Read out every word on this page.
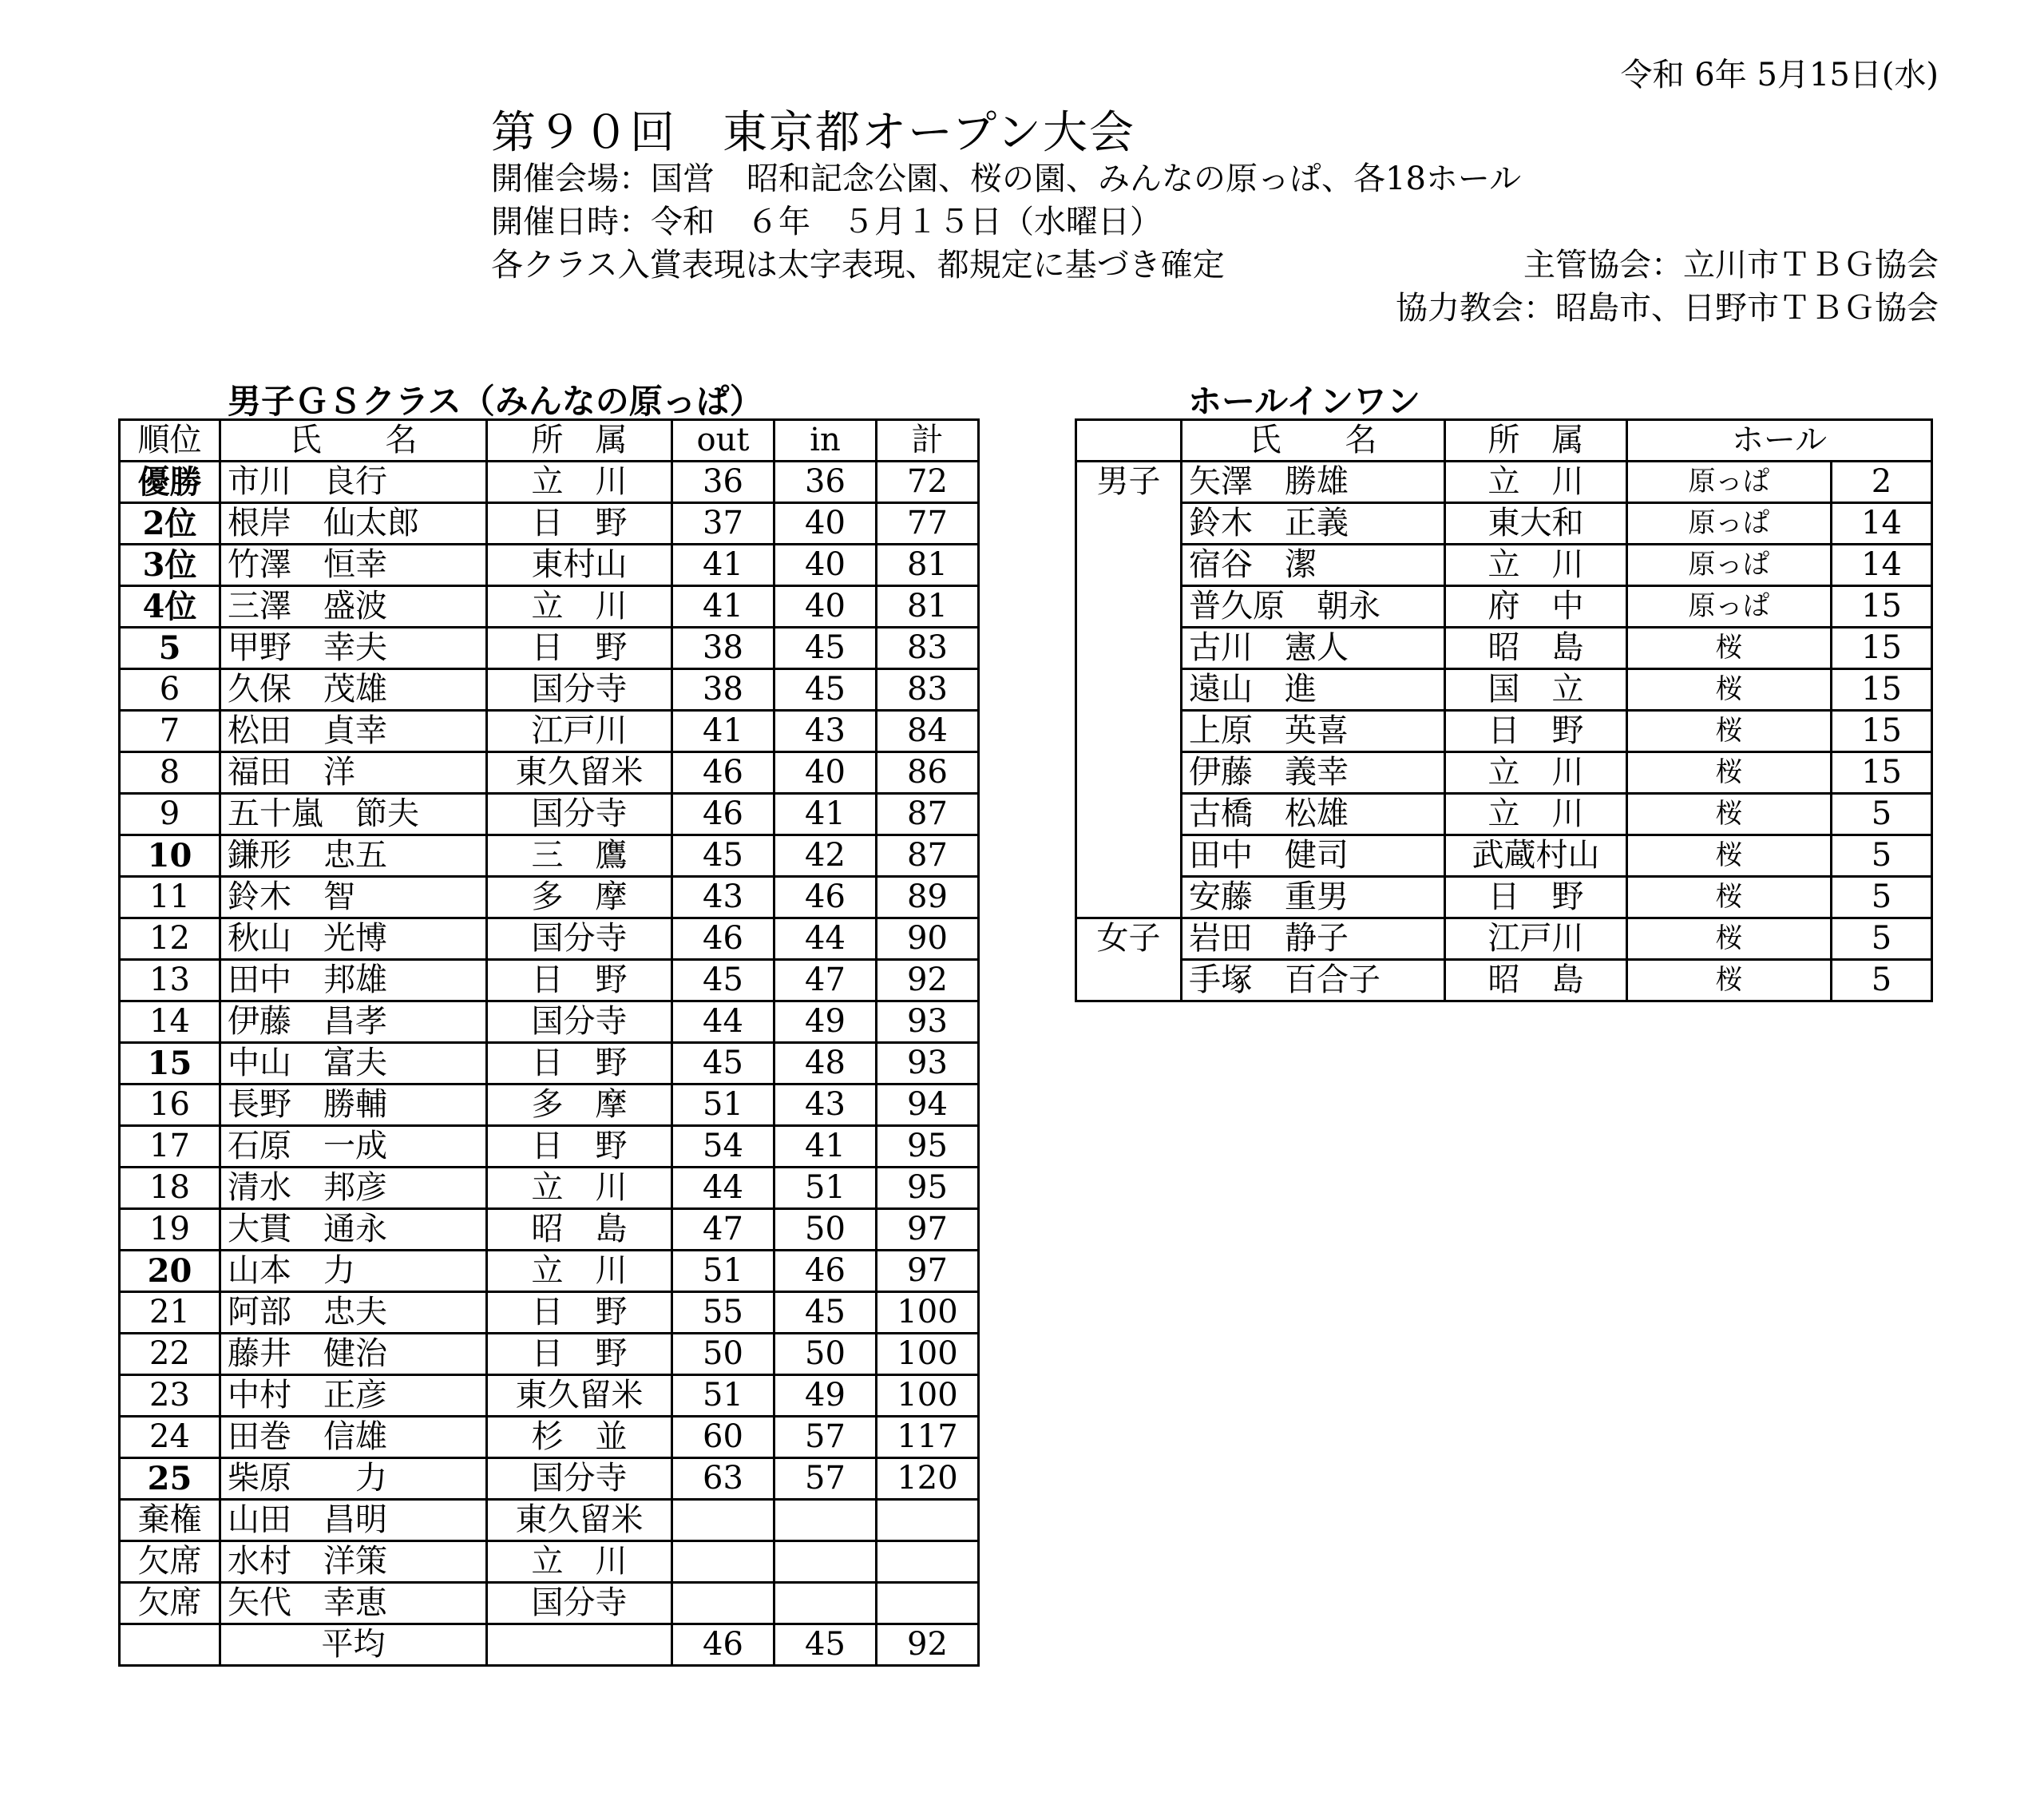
令和 6年 5月15日(水)
第９０回　東京都オープン大会
開催会場：国営　昭和記念公園、桜の園、みんなの原っぱ、各18ホール
開催日時：令和　６年　５月１５日（水曜日）
各クラス入賞表現は太字表現、都規定に基づき確定	主管協会：立川市ＴＢＧ協会
協力教会：昭島市、日野市ＴＢＧ協会
男子ＧＳクラス（みんなの原っぱ）	ホールインワン
順位	氏　　名	所　属	out	in	計
優勝	市川　良行	立　川	36	36	72
2位	根岸　仙太郎	日　野	37	40	77
3位	竹澤　恒幸	東村山	41	40	81
4位	三澤　盛波	立　川	41	40	81
5	甲野　幸夫	日　野	38	45	83
6	久保　茂雄	国分寺	38	45	83
7	松田　貞幸	江戸川	41	43	84
8	福田　洋	東久留米	46	40	86
9	五十嵐　節夫	国分寺	46	41	87
10	鎌形　忠五	三　鷹	45	42	87
11	鈴木　智	多　摩	43	46	89
12	秋山　光博	国分寺	46	44	90
13	田中　邦雄	日　野	45	47	92
14	伊藤　昌孝	国分寺	44	49	93
15	中山　富夫	日　野	45	48	93
16	長野　勝輔	多　摩	51	43	94
17	石原　一成	日　野	54	41	95
18	清水　邦彦	立　川	44	51	95
19	大貫　通永	昭　島	47	50	97
20	山本　力	立　川	51	46	97
21	阿部　忠夫	日　野	55	45	100
22	藤井　健治	日　野	50	50	100
23	中村　正彦	東久留米	51	49	100
24	田巻　信雄	杉　並	60	57	117
25	柴原　　力	国分寺	63	57	120
棄権	山田　昌明	東久留米			
欠席	水村　洋策	立　川			
欠席	矢代　幸恵	国分寺			
	平均		46	45	92
	氏　　名	所　属	ホール	
男子	矢澤　勝雄	立　川	原っぱ	2
	鈴木　正義	東大和	原っぱ	14
	宿谷　潔	立　川	原っぱ	14
	普久原　朝永	府　中	原っぱ	15
	古川　憲人	昭　島	桜	15
	遠山　進	国　立	桜	15
	上原　英喜	日　野	桜	15
	伊藤　義幸	立　川	桜	15
	古橋　松雄	立　川	桜	5
	田中　健司	武蔵村山	桜	5
	安藤　重男	日　野	桜	5
女子	岩田　静子	江戸川	桜	5
	手塚　百合子	昭　島	桜	5
